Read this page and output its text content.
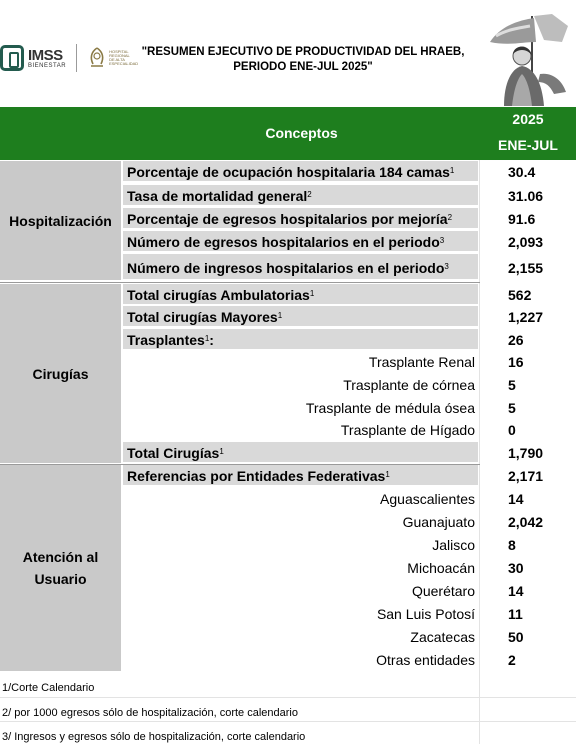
IMSS
BIENESTAR
HOSPITAL REGIONAL DE ALTA ESPECIALIDAD
"RESUMEN EJECUTIVO DE PRODUCTIVIDAD DEL HRAEB,
PERIODO ENE-JUL 2025"
Conceptos
2025
ENE-JUL
Hospitalización
Porcentaje de ocupación hospitalaria 184 camas$^1$	30.4
Tasa de mortalidad general$^2$	31.06
Porcentaje de egresos hospitalarios por mejoría$^2$	91.6
Número de egresos hospitalarios en el periodo$^3$	2,093
Número de ingresos hospitalarios en el periodo$^3$	2,155
Cirugías
Total cirugías Ambulatorias$^1$	562
Total cirugías Mayores$^1$	1,227
Trasplantes$^1$:	26
Trasplante Renal	16
Trasplante de córnea	5
Trasplante de médula ósea	5
Trasplante de Hígado	0
Total Cirugías$^1$	1,790
Atención al Usuario
Referencias por Entidades Federativas$^1$	2,171
Aguascalientes	14
Guanajuato	2,042
Jalisco	8
Michoacán	30
Querétaro	14
San Luis Potosí	11
Zacatecas	50
Otras entidades	2
1/Corte Calendario
2/ por 1000 egresos sólo de hospitalización, corte calendario
3/ Ingresos y egresos sólo de hospitalización, corte calendario
